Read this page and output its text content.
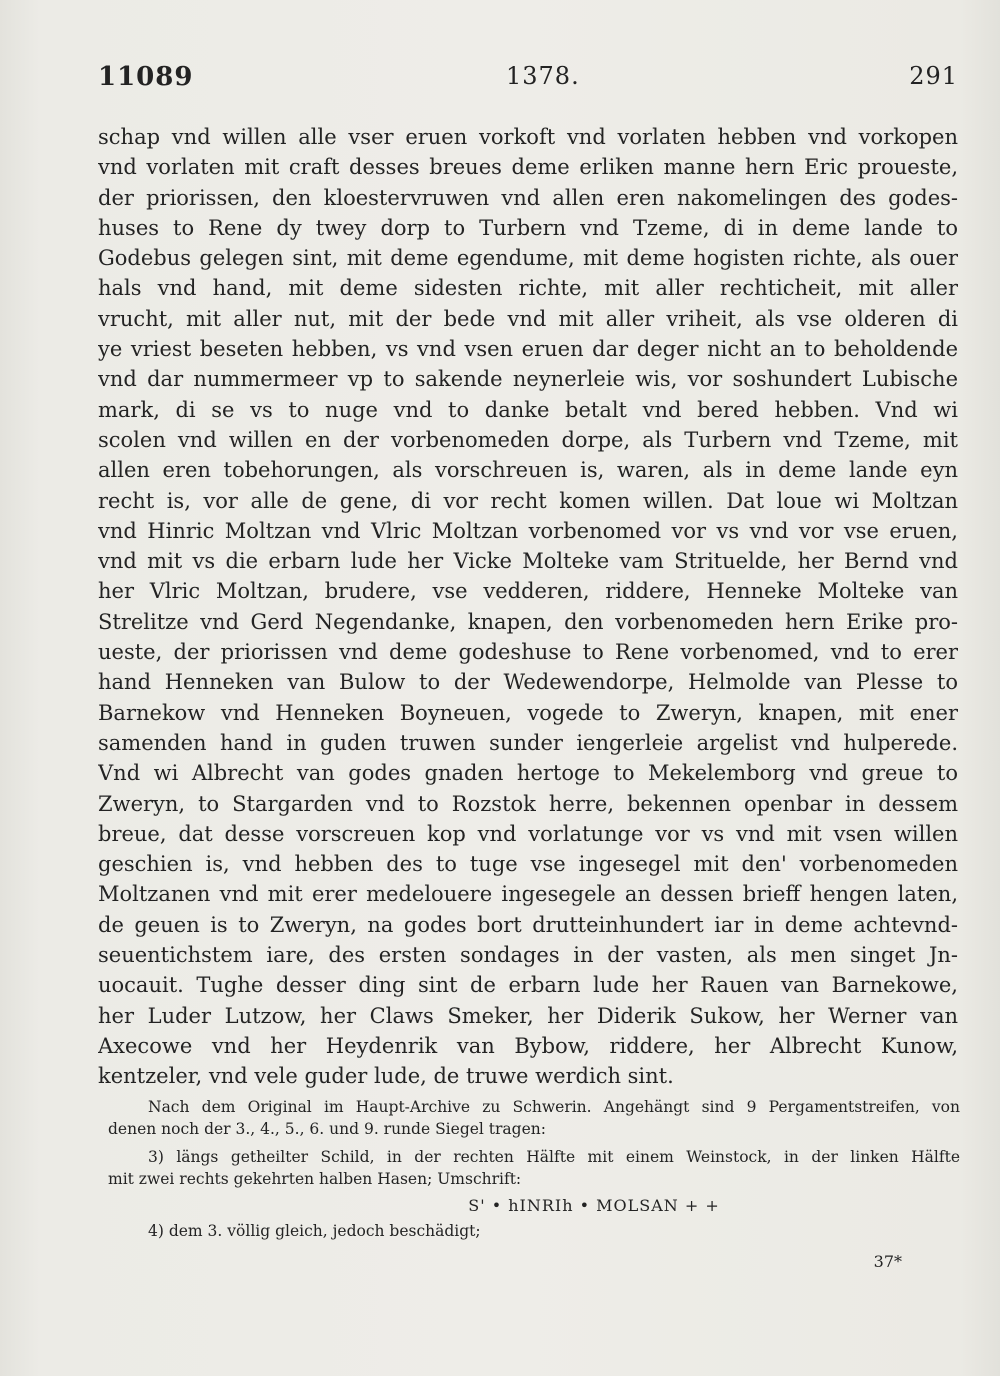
11089	1378.	291
schap vnd willen alle vser eruen vorkoft vnd vorlaten hebben vnd vorkopen
vnd vorlaten mit craft desses breues deme erliken manne hern Eric proueste,
der priorissen, den kloestervruwen vnd allen eren nakomelingen des godes-
huses to Rene dy twey dorp to Turbern vnd Tzeme, di in deme lande to
Godebus gelegen sint, mit deme egendume, mit deme hogisten richte, als ouer
hals vnd hand, mit deme sidesten richte, mit aller rechticheit, mit aller
vrucht, mit aller nut, mit der bede vnd mit aller vriheit, als vse olderen di
ye vriest beseten hebben, vs vnd vsen eruen dar deger nicht an to beholdende
vnd dar nummermeer vp to sakende neynerleie wis, vor soshundert Lubische
mark, di se vs to nuge vnd to danke betalt vnd bered hebben. Vnd wi
scolen vnd willen en der vorbenomeden dorpe, als Turbern vnd Tzeme, mit
allen eren tobehorungen, als vorschreuen is, waren, als in deme lande eyn
recht is, vor alle de gene, di vor recht komen willen. Dat loue wi Moltzan
vnd Hinric Moltzan vnd Vlric Moltzan vorbenomed vor vs vnd vor vse eruen,
vnd mit vs die erbarn lude her Vicke Molteke vam Strituelde, her Bernd vnd
her Vlric Moltzan, brudere, vse vedderen, riddere, Henneke Molteke van
Strelitze vnd Gerd Negendanke, knapen, den vorbenomeden hern Erike pro-
ueste, der priorissen vnd deme godeshuse to Rene vorbenomed, vnd to erer
hand Henneken van Bulow to der Wedewendorpe, Helmolde van Plesse to
Barnekow vnd Henneken Boyneuen, vogede to Zweryn, knapen, mit ener
samenden hand in guden truwen sunder iengerleie argelist vnd hulperede.
Vnd wi Albrecht van godes gnaden hertoge to Mekelemborg vnd greue to
Zweryn, to Stargarden vnd to Rozstok herre, bekennen openbar in dessem
breue, dat desse vorscreuen kop vnd vorlatunge vor vs vnd mit vsen willen
geschien is, vnd hebben des to tuge vse ingesegel mit den' vorbenomeden
Moltzanen vnd mit erer medelouere ingesegele an dessen brieff hengen laten,
de geuen is to Zweryn, na godes bort drutteinhundert iar in deme achtevnd-
seuentichstem iare, des ersten sondages in der vasten, als men singet Jn-
uocauit. Tughe desser ding sint de erbarn lude her Rauen van Barnekowe,
her Luder Lutzow, her Claws Smeker, her Diderik Sukow, her Werner van
Axecowe vnd her Heydenrik van Bybow, riddere, her Albrecht Kunow,
kentzeler, vnd vele guder lude, de truwe werdich sint.
Nach dem Original im Haupt-Archive zu Schwerin. Angehängt sind 9 Pergamentstreifen, von
denen noch der 3., 4., 5., 6. und 9. runde Siegel tragen:
3) längs getheilter Schild, in der rechten Hälfte mit einem Weinstock, in der linken Hälfte
mit zwei rechts gekehrten halben Hasen; Umschrift:
S' • hINRIh • MOLSAN + +
4) dem 3. völlig gleich, jedoch beschädigt;
37*
